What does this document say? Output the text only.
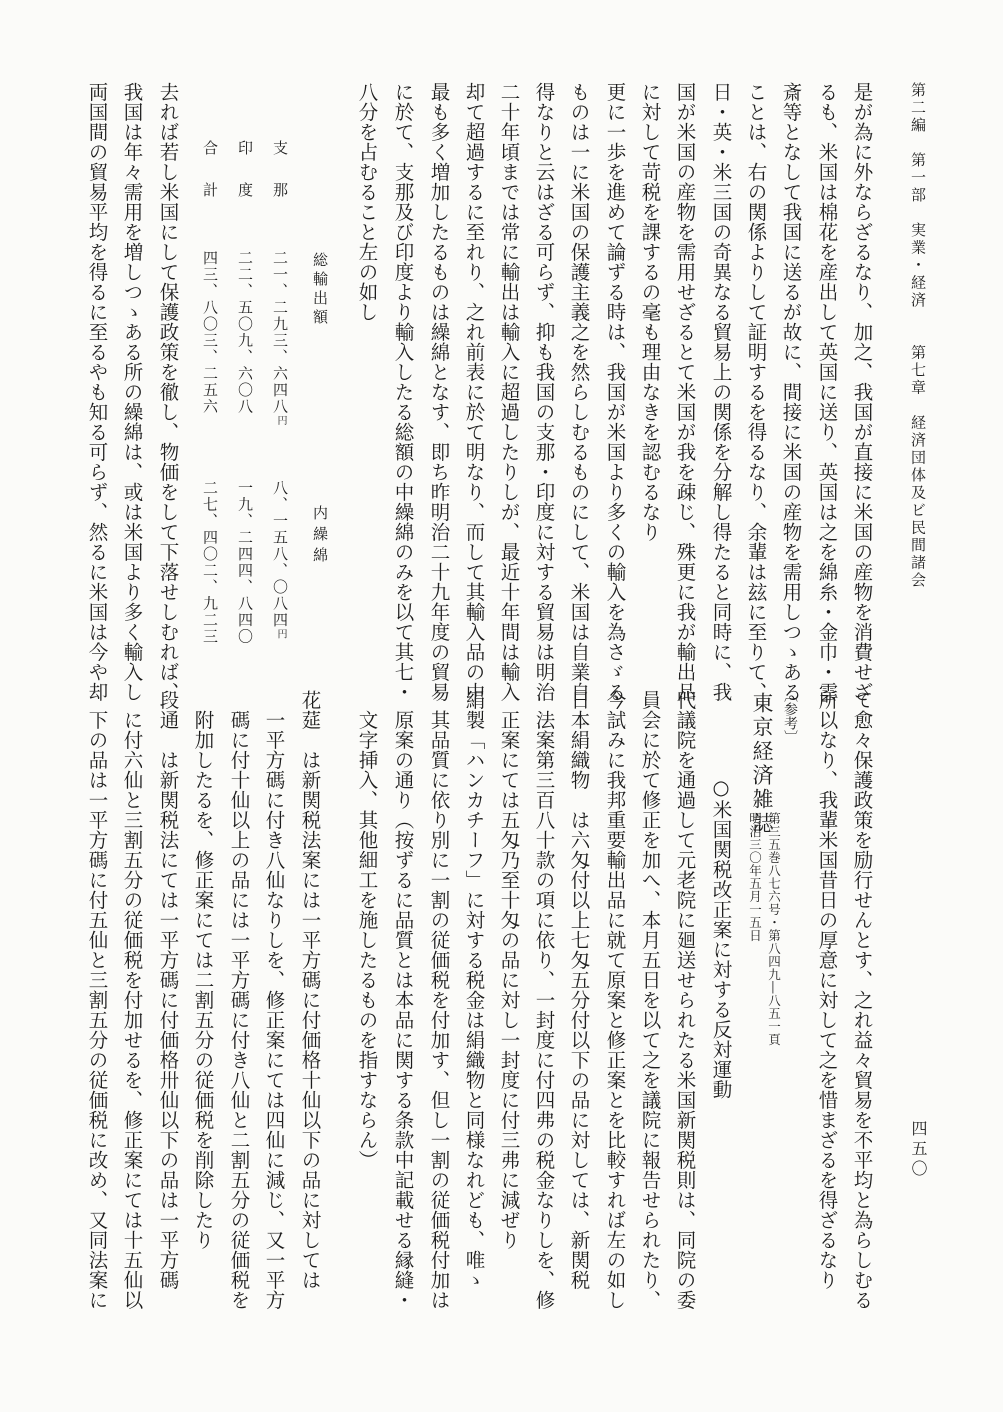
第二編　第一部　実業・経済　　第七章　経済団体及ビ民間諸会
四五〇
是が為に外ならざるなり、加之、我国が直接に米国の産物を消費せざ
るも、米国は棉花を産出して英国に送り、英国は之を綿糸・金巾・雲
斎等となして我国に送るが故に、間接に米国の産物を需用しつゝある
ことは、右の関係よりして証明するを得るなり、余輩は玆に至りて、
日・英・米三国の奇異なる貿易上の関係を分解し得たると同時に、我
国が米国の産物を需用せざるとて米国が我を疎じ、殊更に我が輸出品
に対して苛税を課するの毫も理由なきを認むるなり
更に一歩を進めて論ずる時は、我国が米国より多くの輸入を為さゞる
ものは一に米国の保護主義之を然らしむるものにして、米国は自業自
得なりと云はざる可らず、抑も我国の支那・印度に対する貿易は明治
二十年頃までは常に輸出は輸入に超過したりしが、最近十年間は輸入
却て超過するに至れり、之れ前表に於て明なり、而して其輸入品の中
最も多く増加したるものは繰綿となす、即ち昨明治二十九年度の貿易
に於て、支那及び印度より輸入したる総額の中繰綿のみを以て其七・
八分を占むること左の如し
総輸出額
内繰綿
支　那
二一、二九三、六四八円
八、一五八、〇八四円
印　度
二二、五〇九、六〇八
一九、二四四、八四〇
合　計
四三、八〇三、二五六
二七、四〇二、九二三
去れば若し米国にして保護政策を徹し、物価をして下落せしむれば、
我国は年々需用を増しつゝある所の繰綿は、或は米国より多く輸入し
両国間の貿易平均を得るに至るやも知る可らず、然るに米国は今や却
て愈々保護政策を励行せんとす、之れ益々貿易を不平均と為らしむる
所以なり、我輩米国昔日の厚意に対して之を惜まざるを得ざるなり
〔参考〕
東京経済雑誌
第三五巻八七六号・第八四九―八五一頁
明治三〇年五月一五日
○米国関税改正案に対する反対運動
代議院を通過して元老院に廻送せられたる米国新関税則は、同院の委
員会に於て修正を加へ、本月五日を以て之を議院に報告せられたり、
今試みに我邦重要輸出品に就て原案と修正案とを比較すれば左の如し
日本絹織物　は六匁付以上七匁五分付以下の品に対しては、新関税
法案第三百八十款の項に依り、一封度に付四弗の税金なりしを、修
正案にては五匁乃至十匁の品に対し一封度に付三弗に減ぜり
絹製「ハンカチーフ」に対する税金は絹織物と同様なれども、唯ゝ
其品質に依り別に一割の従価税を付加す、但し一割の従価税付加は
原案の通り（按ずるに品質とは本品に関する条款中記載せる縁縫・
文字挿入、其他細工を施したるものを指すならん）
花莚　は新関税法案には一平方碼に付価格十仙以下の品に対しては
一平方碼に付き八仙なりしを、修正案にては四仙に減じ、又一平方
碼に付十仙以上の品には一平方碼に付き八仙と二割五分の従価税を
附加したるを、修正案にては二割五分の従価税を削除したり
段通　は新関税法にては一平方碼に付価格卅仙以下の品は一平方碼
に付六仙と三割五分の従価税を付加せるを、修正案にては十五仙以
下の品は一平方碼に付五仙と三割五分の従価税に改め、又同法案に
